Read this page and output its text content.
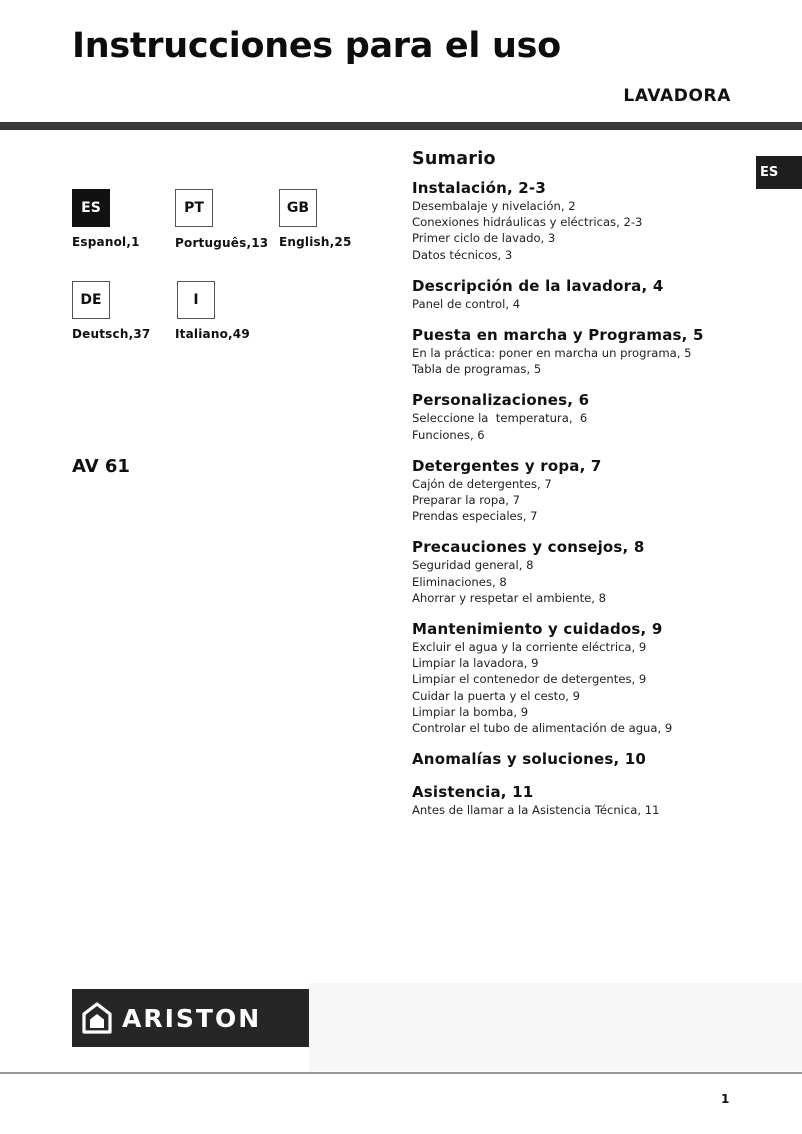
Instrucciones para el uso
LAVADORA
ES
ES
Espanol,1
PT
Português,13
GB
English,25
DE
Deutsch,37
I
Italiano,49
AV 61
Sumario
Instalación, 2-3
Desembalaje y nivelación, 2
Conexiones hidráulicas y eléctricas, 2-3
Primer ciclo de lavado, 3
Datos técnicos, 3
Descripción de la lavadora, 4
Panel de control, 4
Puesta en marcha y Programas, 5
En la práctica: poner en marcha un programa, 5
Tabla de programas, 5
Personalizaciones, 6
Seleccione la  temperatura,  6
Funciones, 6
Detergentes y ropa, 7
Cajón de detergentes, 7
Preparar la ropa, 7
Prendas especiales, 7
Precauciones y consejos, 8
Seguridad general, 8
Eliminaciones, 8
Ahorrar y respetar el ambiente, 8
Mantenimiento y cuidados, 9
Excluir el agua y la corriente eléctrica, 9
Limpiar la lavadora, 9
Limpiar el contenedor de detergentes, 9
Cuidar la puerta y el cesto, 9
Limpiar la bomba, 9
Controlar el tubo de alimentación de agua, 9
Anomalías y soluciones, 10
Asistencia, 11
Antes de llamar a la Asistencia Técnica, 11
ARISTON
1
